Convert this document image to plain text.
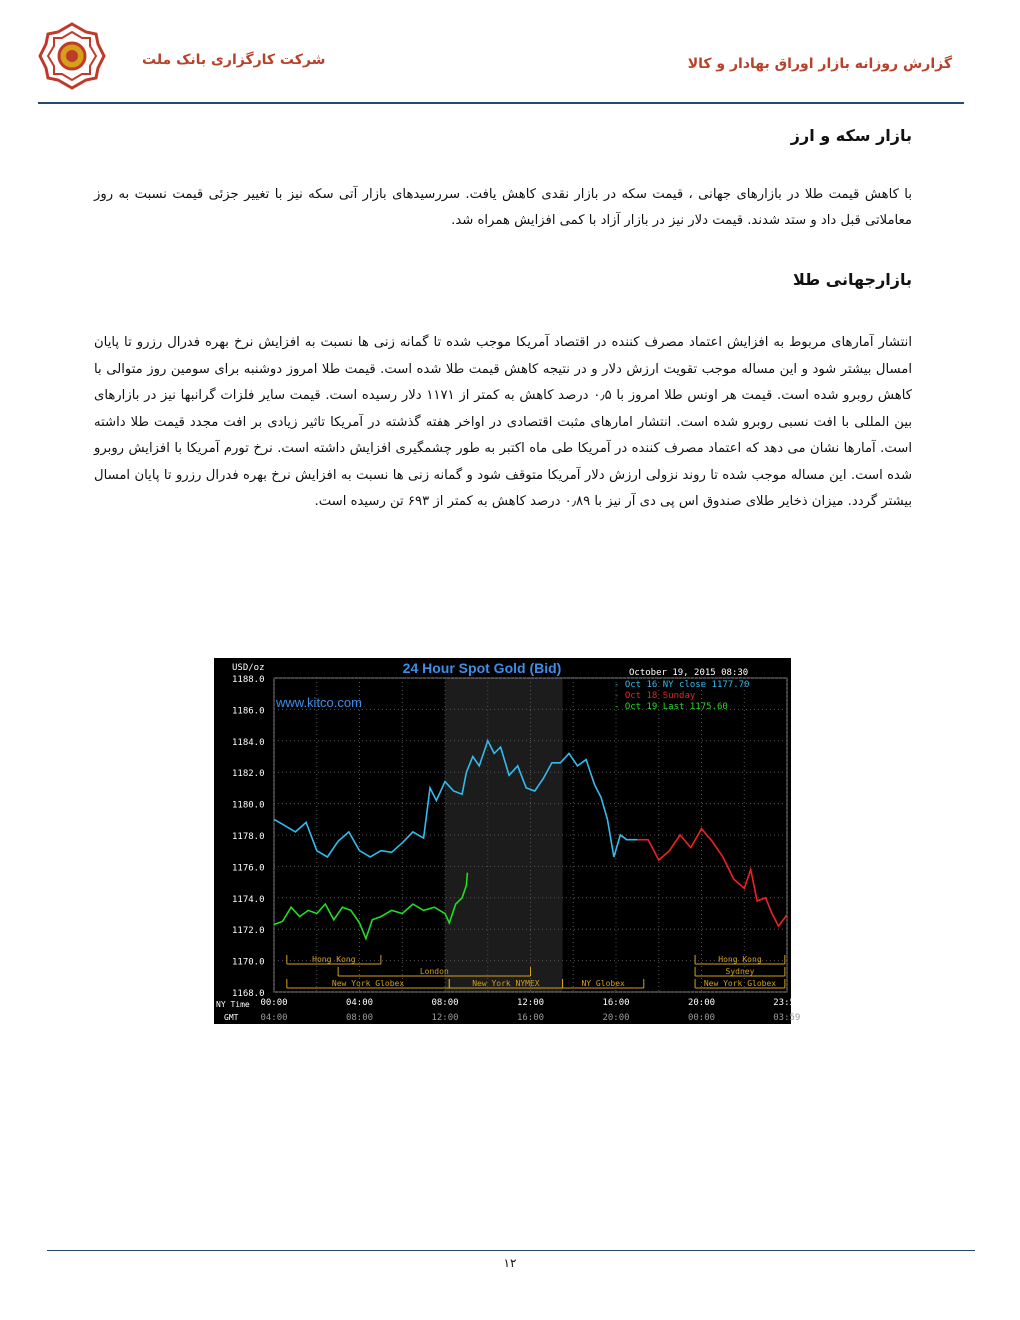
شرکت کارگزاری بانک ملت	گزارش روزانه بازار اوراق بهادار و کالا
بازار سکه و ارز
با کاهش قیمت طلا در بازارهای جهانی ، قیمت سکه در بازار نقدی کاهش یافت. سررسیدهای بازار آتی سکه نیز با تغییر جزئی قیمت نسبت به روز معاملاتی قبل داد و ستد شدند. قیمت دلار نیز در بازار آزاد با کمی افزایش همراه شد.
بازارجهانی طلا
انتشار آمارهای مربوط به افزایش اعتماد مصرف کننده در اقتصاد آمریکا موجب شده تا گمانه زنی ها نسبت به افزایش نرخ بهره فدرال رزرو تا پایان امسال بیشتر شود و این مساله موجب تقویت ارزش دلار و در نتیجه کاهش قیمت طلا شده است. قیمت طلا امروز دوشنبه برای سومین روز متوالی با کاهش روبرو شده است. قیمت هر اونس طلا امروز با ۰٫۵ درصد کاهش به کمتر از ۱۱۷۱ دلار رسیده است. قیمت سایر فلزات گرانبها نیز در بازارهای بین المللی با افت نسبی روبرو شده است. انتشار امارهای مثبت اقتصادی در اواخر هفته گذشته در آمریکا تاثیر زیادی بر افت مجدد قیمت طلا داشته است. آمارها نشان می دهد که اعتماد مصرف کننده در آمریکا طی ماه اکتبر به طور چشمگیری افزایش داشته است. نرخ تورم آمریکا با افزایش روبرو شده است. این مساله موجب شده تا روند نزولی ارزش دلار آمریکا متوقف شود و گمانه زنی ها نسبت به افزایش نرخ بهره فدرال رزرو تا پایان امسال بیشتر گردد. میزان ذخایر طلای صندوق اس پی دی آر نیز با ۰٫۸۹ درصد کاهش به کمتر از ۶۹۳ تن رسیده است.
1188.0
1186.0
1184.0
1182.0
1180.0
1178.0
1176.0
1174.0
1172.0
1170.0
1168.0
USD/oz	24 Hour Spot Gold (Bid)
www.kitco.com
October 19, 2015 08:30
- Oct 16 NY close 1177.70
- Oct 18 Sunday
- Oct 19 Last 1175.60
Hong Kong	Hong Kong
London	Sydney
New York Globex	New York NYMEX	NY Globex	New York Globex
00:00	04:00	08:00	12:00	16:00	20:00	23:59
04:00	08:00	12:00	16:00	20:00	00:00	03:59
NY Time
GMT
۱۲
